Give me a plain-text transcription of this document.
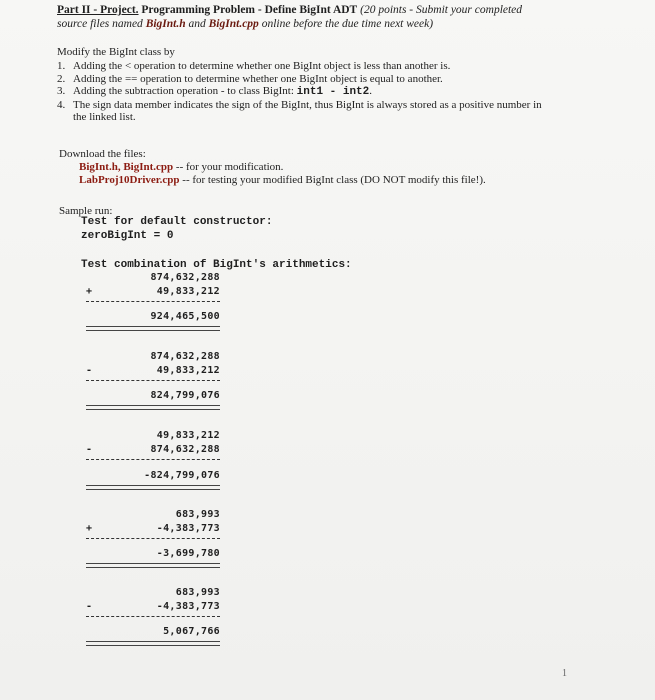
Part II - Project. Programming Problem - Define BigInt ADT (20 points - Submit your completed
source files named BigInt.h and BigInt.cpp online before the due time next week)
Modify the BigInt class by
1. Adding the < operation to determine whether one BigInt object is less than another is.
2. Adding the == operation to determine whether one BigInt object is equal to another.
3. Adding the subtraction operation - to class BigInt: int1 - int2.
4. The sign data member indicates the sign of the BigInt, thus BigInt is always stored as a positive number in the linked list.
Download the files:
BigInt.h, BigInt.cpp -- for your modification.
LabProj10Driver.cpp -- for testing your modified BigInt class (DO NOT modify this file!).
Sample run:
Test for default constructor:
zeroBigInt = 0
Test combination of BigInt's arithmetics:
874,632,288
+	49,833,212
924,465,500
874,632,288
-	49,833,212
824,799,076
49,833,212
-	874,632,288
-824,799,076
683,993
+	-4,383,773
-3,699,780
683,993
-	-4,383,773
5,067,766
1
